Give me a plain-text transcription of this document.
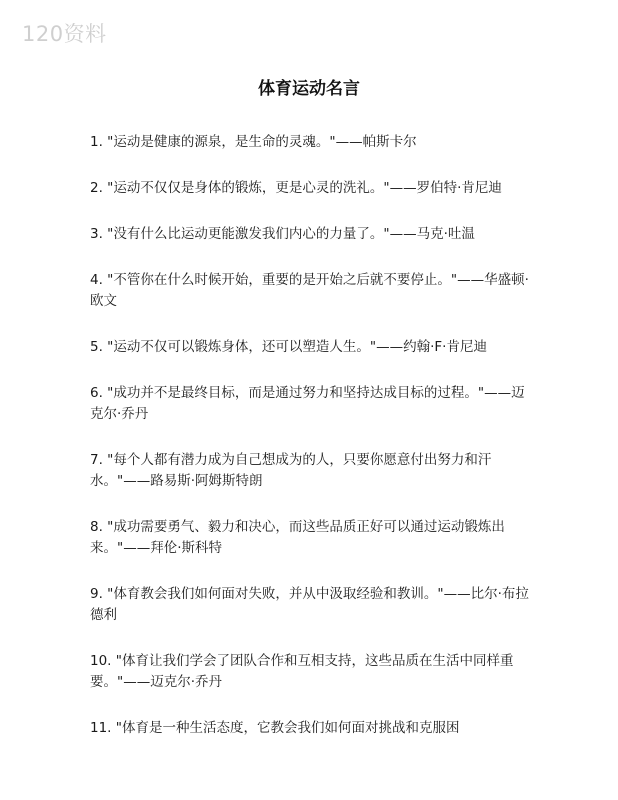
120资料
体育运动名言
1. "运动是健康的源泉，是生命的灵魂。"——帕斯卡尔
2. "运动不仅仅是身体的锻炼，更是心灵的洗礼。"——罗伯特·肯尼迪
3. "没有什么比运动更能激发我们内心的力量了。"——马克·吐温
4. "不管你在什么时候开始，重要的是开始之后就不要停止。"——华盛顿·欧文
5. "运动不仅可以锻炼身体，还可以塑造人生。"——约翰·F·肯尼迪
6. "成功并不是最终目标，而是通过努力和坚持达成目标的过程。"——迈克尔·乔丹
7. "每个人都有潜力成为自己想成为的人，只要你愿意付出努力和汗水。"——路易斯·阿姆斯特朗
8. "成功需要勇气、毅力和决心，而这些品质正好可以通过运动锻炼出来。"——拜伦·斯科特
9. "体育教会我们如何面对失败，并从中汲取经验和教训。"——比尔·布拉德利
10. "体育让我们学会了团队合作和互相支持，这些品质在生活中同样重要。"——迈克尔·乔丹
11. "体育是一种生活态度，它教会我们如何面对挑战和克服困
